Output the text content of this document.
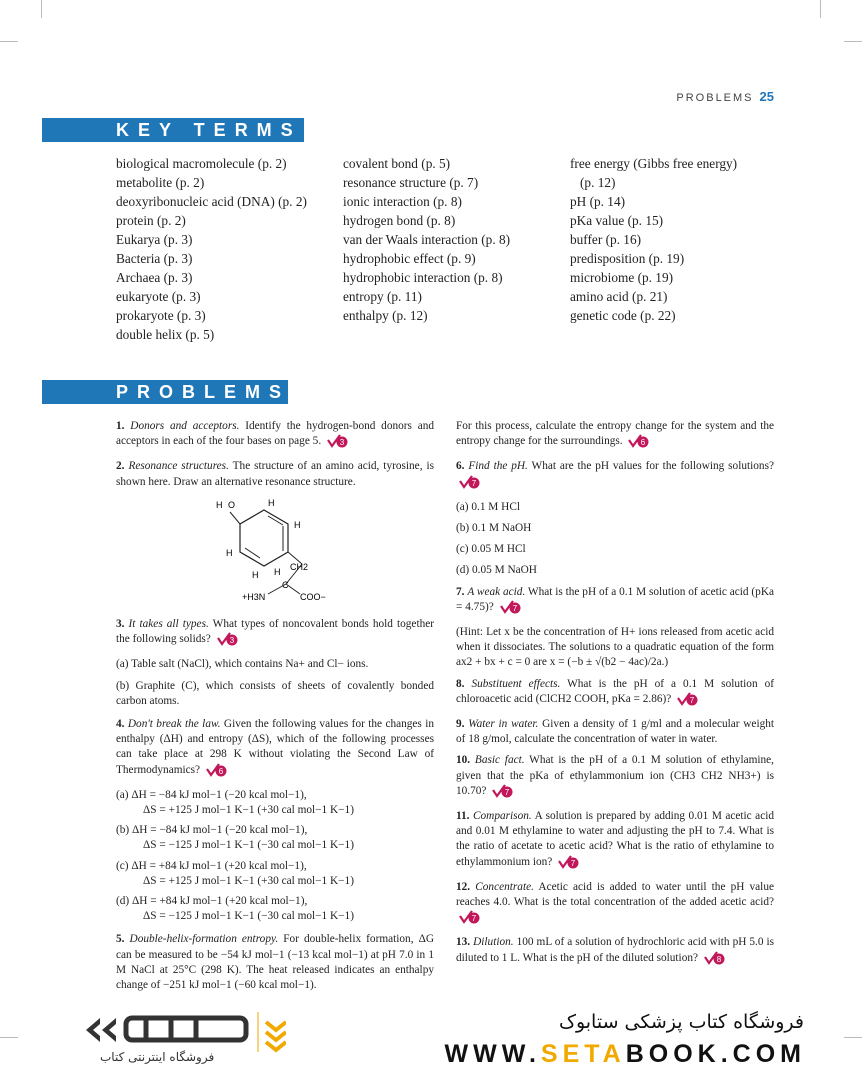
PROBLEMS 25
KEY TERMS
biological macromolecule (p. 2)
metabolite (p. 2)
deoxyribonucleic acid (DNA) (p. 2)
protein (p. 2)
Eukarya (p. 3)
Bacteria (p. 3)
Archaea (p. 3)
eukaryote (p. 3)
prokaryote (p. 3)
double helix (p. 5)
covalent bond (p. 5)
resonance structure (p. 7)
ionic interaction (p. 8)
hydrogen bond (p. 8)
van der Waals interaction (p. 8)
hydrophobic effect (p. 9)
hydrophobic interaction (p. 8)
entropy (p. 11)
enthalpy (p. 12)
free energy (Gibbs free energy)
(p. 12)
pH (p. 14)
pKa value (p. 15)
buffer (p. 16)
predisposition (p. 19)
microbiome (p. 19)
amino acid (p. 21)
genetic code (p. 22)
PROBLEMS

1. Donors and acceptors. Identify the hydrogen-bond donors and acceptors in each of the four bases on page 5. 3

2. Resonance structures. The structure of an amino acid, tyrosine, is shown here. Draw an alternative resonance structure.

H O	H
H
H
H H CH2
C
+H3N	COO−

3. It takes all types. What types of noncovalent bonds hold together the following solids? 3

(a) Table salt (NaCl), which contains Na+ and Cl− ions.

(b) Graphite (C), which consists of sheets of covalently bonded carbon atoms.

4. Don't break the law. Given the following values for the changes in enthalpy (ΔH) and entropy (ΔS), which of the following processes can take place at 298 K without violating the Second Law of Thermodynamics? 6

(a) ΔH = −84 kJ mol−1 (−20 kcal mol−1),
ΔS = +125 J mol−1 K−1 (+30 cal mol−1 K−1)
(b) ΔH = −84 kJ mol−1 (−20 kcal mol−1),
ΔS = −125 J mol−1 K−1 (−30 cal mol−1 K−1)
(c) ΔH = +84 kJ mol−1 (+20 kcal mol−1),
ΔS = +125 J mol−1 K−1 (+30 cal mol−1 K−1)
(d) ΔH = +84 kJ mol−1 (+20 kcal mol−1),
ΔS = −125 J mol−1 K−1 (−30 cal mol−1 K−1)

5. Double-helix-formation entropy. For double-helix formation, ΔG can be measured to be −54 kJ mol−1 (−13 kcal mol−1) at pH 7.0 in 1 M NaCl at 25°C (298 K). The heat released indicates an enthalpy change of −251 kJ mol−1 (−60 kcal mol−1).

For this process, calculate the entropy change for the system and the entropy change for the surroundings. 6

6. Find the pH. What are the pH values for the following solutions?
7

(a) 0.1 M HCl

(b) 0.1 M NaOH

(c) 0.05 M HCl

(d) 0.05 M NaOH

7. A weak acid. What is the pH of a 0.1 M solution of acetic acid (pKa = 4.75)? 7

(Hint: Let x be the concentration of H+ ions released from acetic acid when it dissociates. The solutions to a quadratic equation of the form ax2 + bx + c = 0 are x = (−b ± √(b2 − 4ac)/2a.)

8. Substituent effects. What is the pH of a 0.1 M solution of chloroacetic acid (ClCH2 COOH, pKa = 2.86)? 7

9. Water in water. Given a density of 1 g/ml and a molecular weight of 18 g/mol, calculate the concentration of water in water.

10. Basic fact. What is the pH of a 0.1 M solution of ethylamine, given that the pKa of ethylammonium ion (CH3 CH2 NH3+) is 10.70? 7

11. Comparison. A solution is prepared by adding 0.01 M acetic acid and 0.01 M ethylamine to water and adjusting the pH to 7.4. What is the ratio of acetate to acetic acid? What is the ratio of ethylamine to ethylammonium ion? 7

12. Concentrate. Acetic acid is added to water until the pH value reaches 4.0. What is the total concentration of the added acetic acid?
7

13. Dilution. 100 mL of a solution of hydrochloric acid with pH 5.0 is diluted to 1 L. What is the pH of the diluted solution? 8

فروشگاه اینترنتی کتاب
فروشگاه کتاب پزشکی ستابوک
WWW.SETABOOK.COM
